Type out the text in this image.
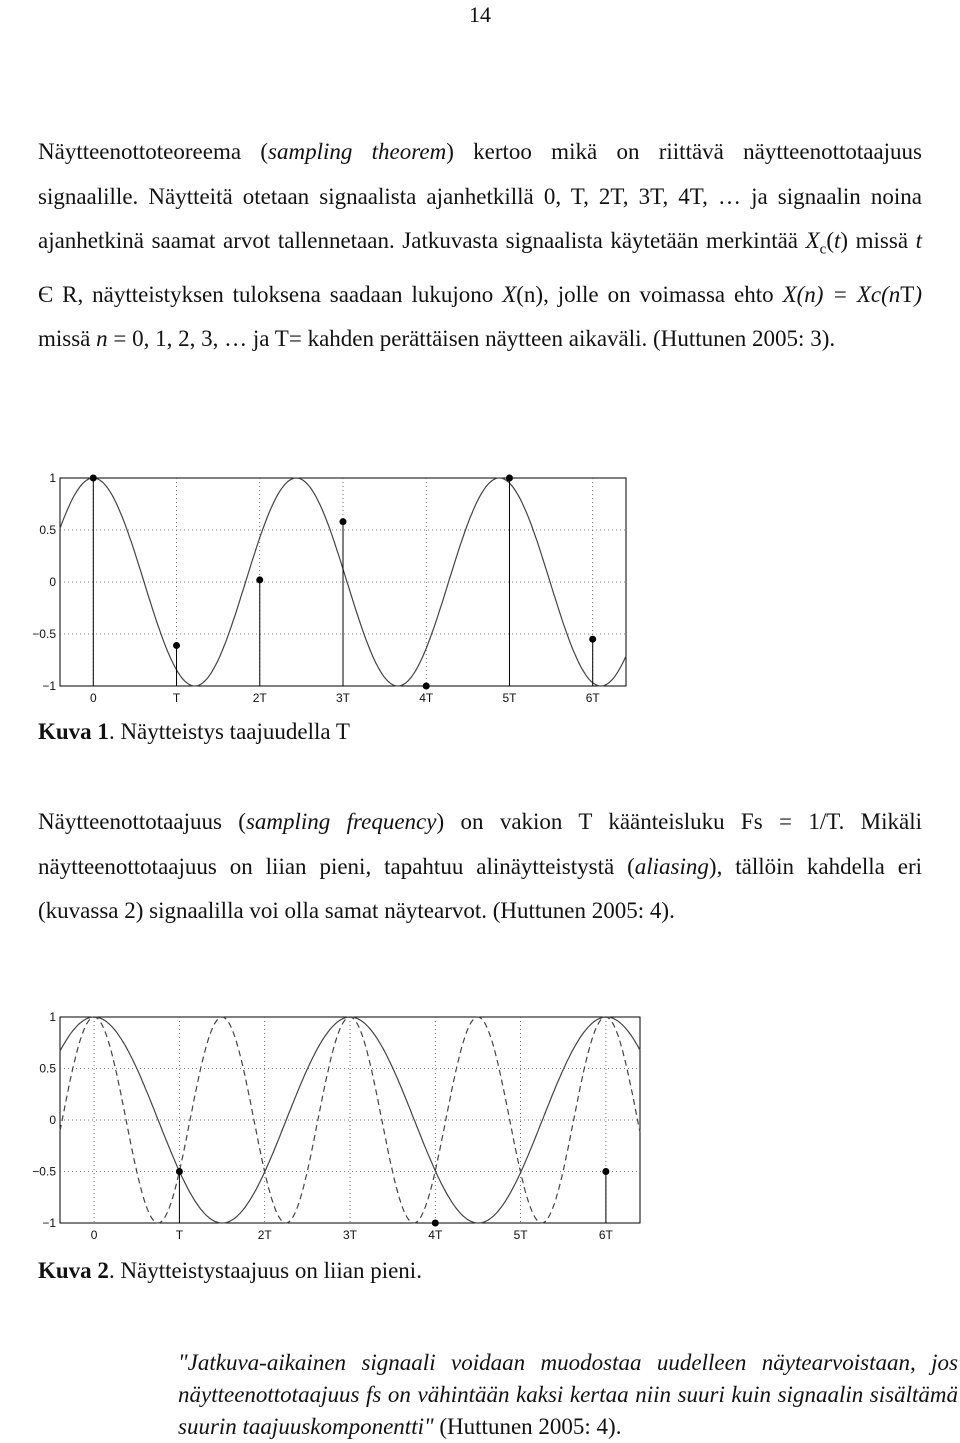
14
Näytteenottoteoreema (sampling theorem) kertoo mikä on riittävä näytteenottotaajuus signaalille. Näytteitä otetaan signaalista ajanhetkillä 0, T, 2T, 3T, 4T, … ja signaalin noina ajanhetkinä saamat arvot tallennetaan. Jatkuvasta signaalista käytetään merkintää $X_c(t)$ missä t Є R, näytteistyksen tuloksena saadaan lukujono X(n), jolle on voimassa ehto X(n) = Xc(nT) missä n = 0, 1, 2, 3, … ja T= kahden perättäisen näytteen aikaväli. (Huttunen 2005: 3).
1
0.5
0
−0.5
−1
0	T	2T	3T	4T	5T	6T
Kuva 1. Näytteistys taajuudella T
Näytteenottotaajuus (sampling frequency) on vakion T käänteisluku Fs = 1/T. Mikäli näytteenottotaajuus on liian pieni, tapahtuu alinäytteistystä (aliasing), tällöin kahdella eri (kuvassa 2) signaalilla voi olla samat näytearvot. (Huttunen 2005: 4).
1
0.5
0
−0.5
−1
0	T	2T	3T	4T	5T	6T
Kuva 2. Näytteistystaajuus on liian pieni.
"Jatkuva-aikainen signaali voidaan muodostaa uudelleen näytearvoistaan, jos näytteenottotaajuus fs on vähintään kaksi kertaa niin suuri kuin signaalin sisältämä suurin taajuuskomponentti" (Huttunen 2005: 4).
